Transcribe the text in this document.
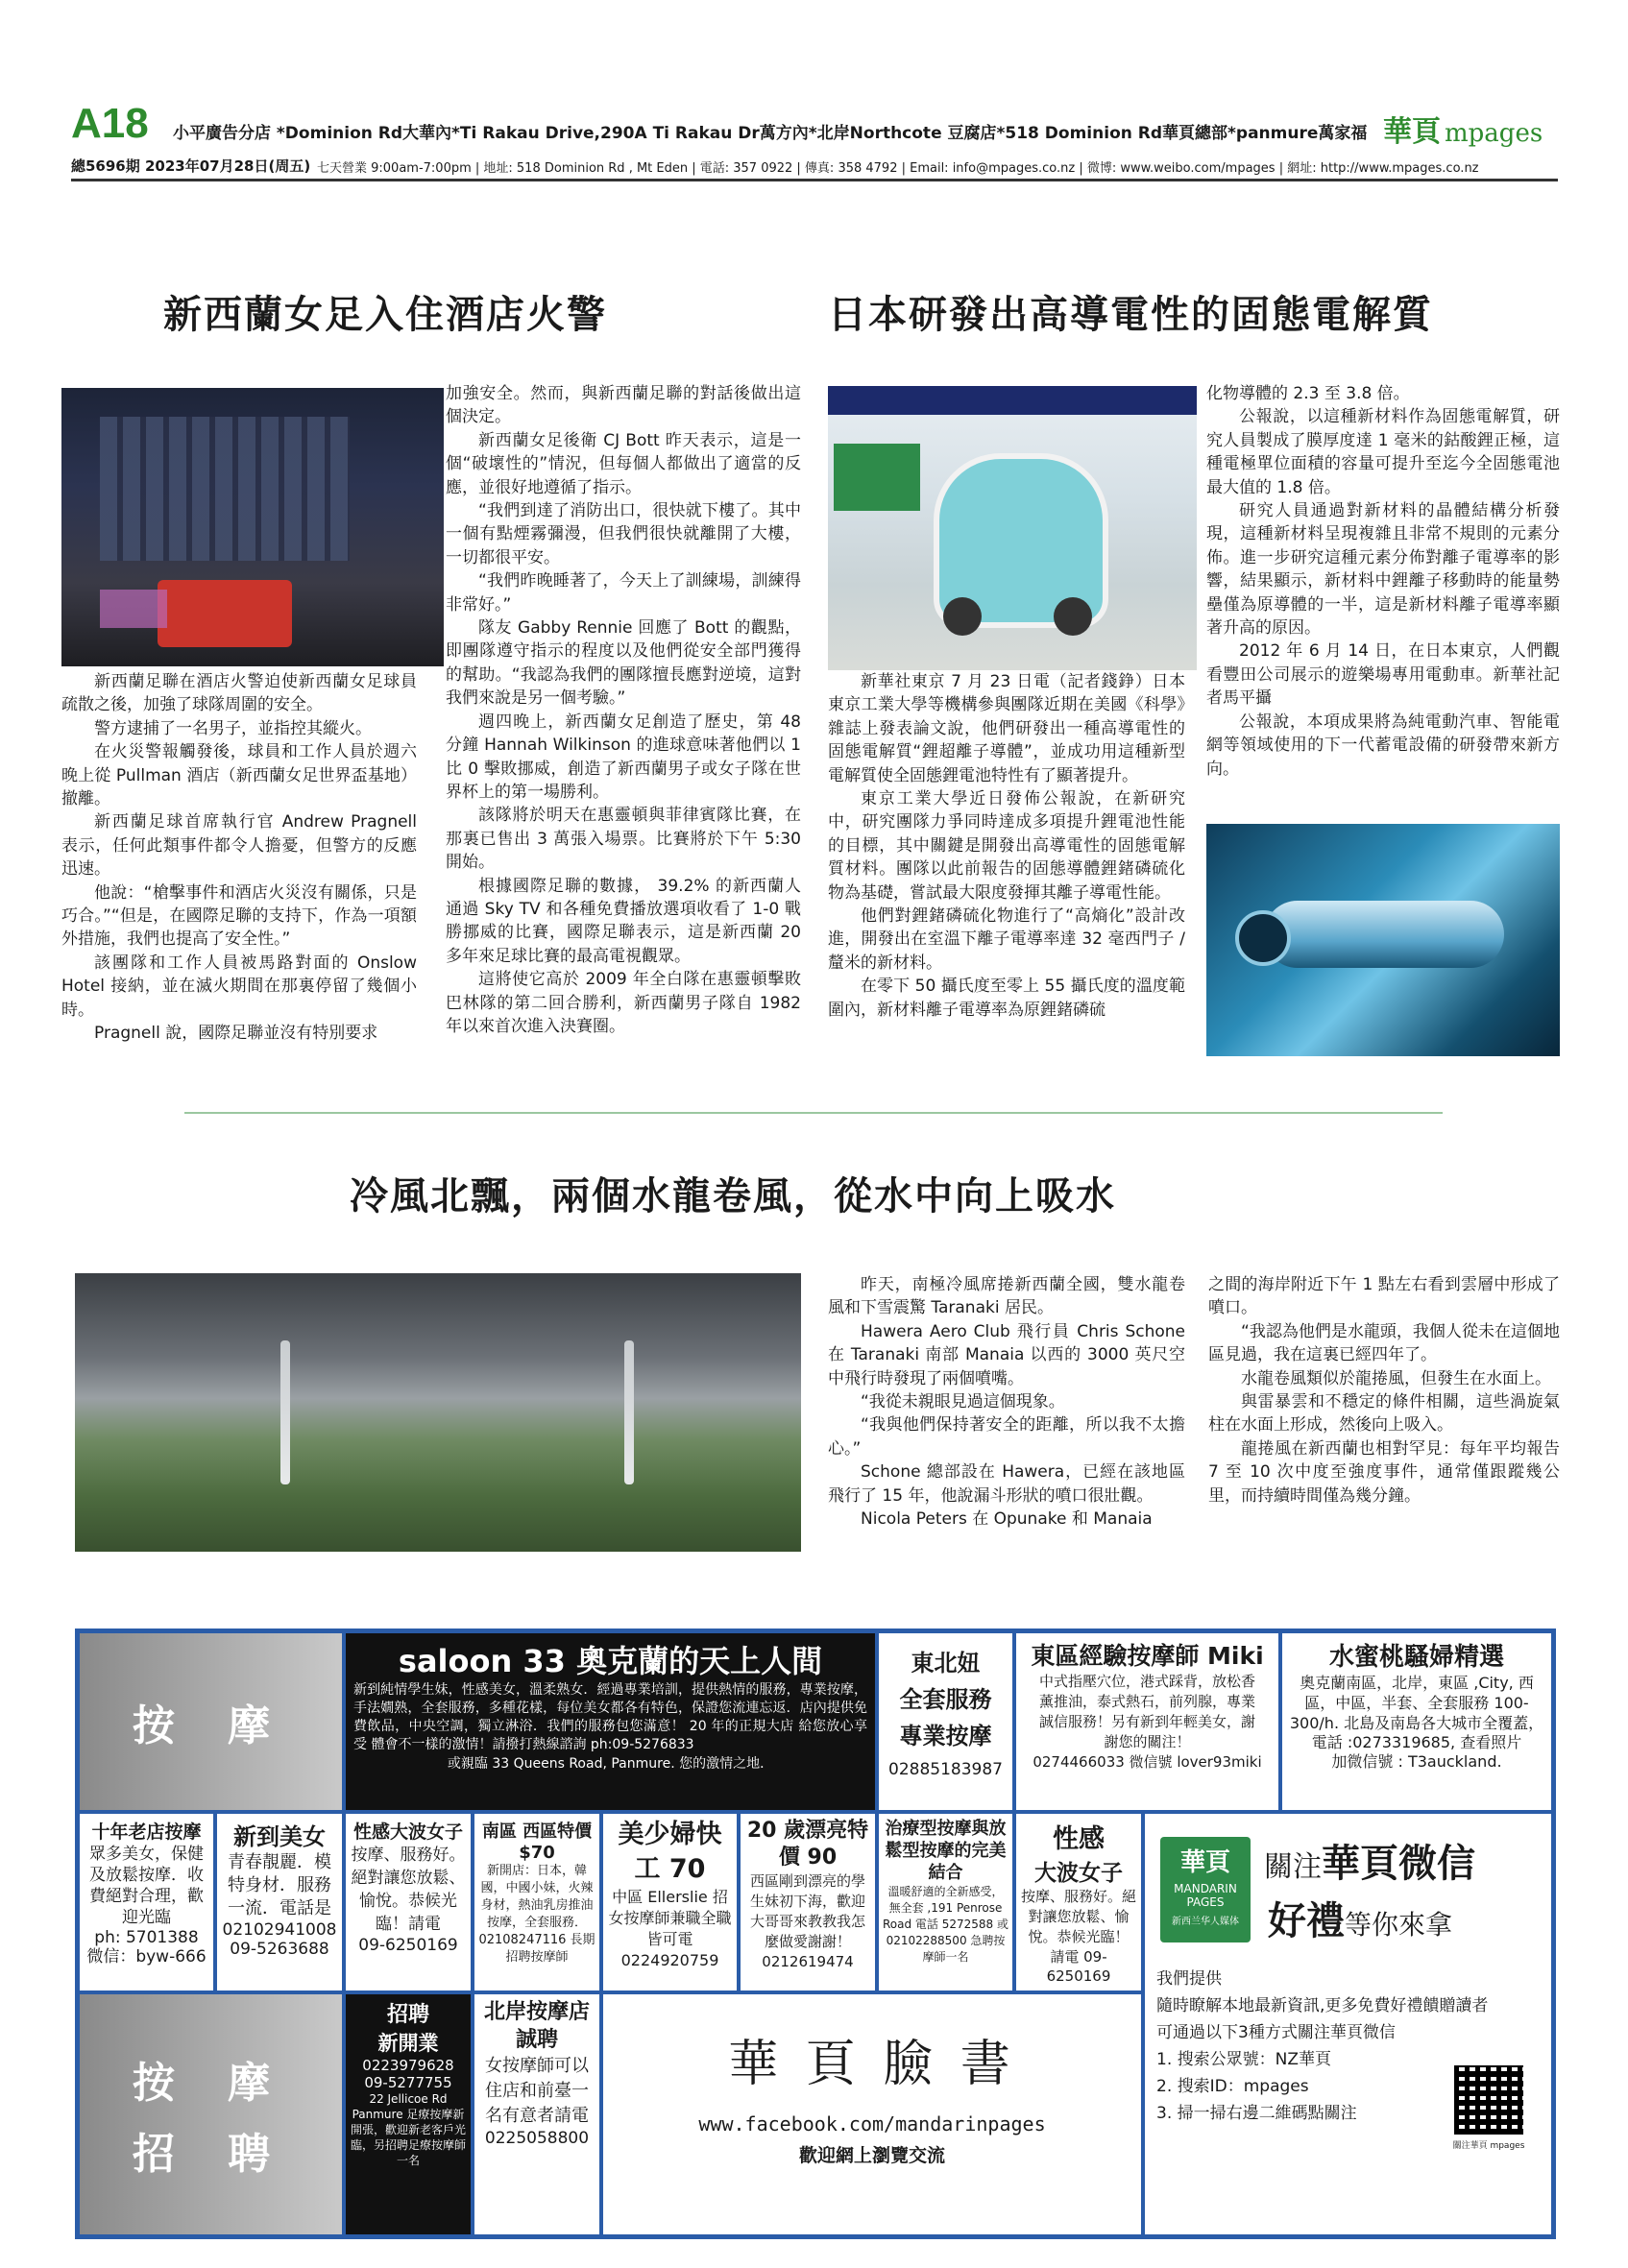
A18 小平廣告分店 *Dominion Rd大華內*Ti Rakau Drive,290A Ti Rakau Dr萬方內*北岸Northcote 豆腐店*518 Dominion Rd華頁總部*panmure萬家福
總5696期 2023年07月28日(周五) 七天營業 9:00am-7:00pm | 地址: 518 Dominion Rd , Mt Eden | 電話: 357 0922 | 傳真: 358 4792 | Email: info@mpages.co.nz | 微博: www.weibo.com/mpages | 網址: http://www.mpages.co.nz
華頁 mpages
新西蘭女足入住酒店火警

新西蘭足聯在酒店火警迫使新西蘭女足球員疏散之後，加強了球隊周圍的安全。

警方逮捕了一名男子，並指控其縱火。

在火災警報觸發後，球員和工作人員於週六晚上從 Pullman 酒店（新西蘭女足世界盃基地）撤離。

新西蘭足球首席執行官 Andrew Pragnell 表示，任何此類事件都令人擔憂，但警方的反應迅速。

他說：“槍擊事件和酒店火災沒有關係，只是巧合。”“但是，在國際足聯的支持下，作為一項額外措施，我們也提高了安全性。”

該團隊和工作人員被馬路對面的 Onslow Hotel 接納，並在滅火期間在那裏停留了幾個小時。

Pragnell 說，國際足聯並沒有特別要求

加強安全。然而，與新西蘭足聯的對話後做出這個決定。

新西蘭女足後衛 CJ Bott 昨天表示，這是一個“破壞性的”情況，但每個人都做出了適當的反應，並很好地遵循了指示。

“我們到達了消防出口，很快就下樓了。其中一個有點煙霧彌漫，但我們很快就離開了大樓，一切都很平安。

“我們昨晚睡著了，今天上了訓練場，訓練得非常好。”

隊友 Gabby Rennie 回應了 Bott 的觀點，即團隊遵守指示的程度以及他們從安全部門獲得的幫助。“我認為我們的團隊擅長應對逆境，這對我們來說是另一個考驗。”

週四晚上，新西蘭女足創造了歷史，第 48 分鐘 Hannah Wilkinson 的進球意味著他們以 1 比 0 擊敗挪威，創造了新西蘭男子或女子隊在世界杯上的第一場勝利。

該隊將於明天在惠靈頓與菲律賓隊比賽，在那裏已售出 3 萬張入場票。比賽將於下午 5:30 開始。

根據國際足聯的數據， 39.2% 的新西蘭人通過 Sky TV 和各種免費播放選項收看了 1-0 戰勝挪威的比賽，國際足聯表示，這是新西蘭 20 多年來足球比賽的最高電視觀眾。

這將使它高於 2009 年全白隊在惠靈頓擊敗巴林隊的第二回合勝利，新西蘭男子隊自 1982 年以來首次進入決賽圈。

日本研發出高導電性的固態電解質

新華社東京 7 月 23 日電（記者錢錚）日本東京工業大學等機構參與團隊近期在美國《科學》雜誌上發表論文說，他們研發出一種高導電性的固態電解質“鋰超離子導體”，並成功用這種新型電解質使全固態鋰電池特性有了顯著提升。

東京工業大學近日發佈公報說，在新研究中，研究團隊力爭同時達成多項提升鋰電池性能的目標，其中關鍵是開發出高導電性的固態電解質材料。團隊以此前報告的固態導體鋰鍺磷硫化物為基礎，嘗試最大限度發揮其離子導電性能。

他們對鋰鍺磷硫化物進行了“高熵化”設計改進，開發出在室溫下離子電導率達 32 毫西門子 / 釐米的新材料。

在零下 50 攝氏度至零上 55 攝氏度的溫度範圍內，新材料離子電導率為原鋰鍺磷硫

化物導體的 2.3 至 3.8 倍。

公報說，以這種新材料作為固態電解質，研究人員製成了膜厚度達 1 毫米的鈷酸鋰正極，這種電極單位面積的容量可提升至迄今全固態電池最大值的 1.8 倍。

研究人員通過對新材料的晶體結構分析發現，這種新材料呈現複雜且非常不規則的元素分佈。進一步研究這種元素分佈對離子電導率的影響，結果顯示，新材料中鋰離子移動時的能量勢壘僅為原導體的一半，這是新材料離子電導率顯著升高的原因。

2012 年 6 月 14 日，在日本東京，人們觀看豐田公司展示的遊樂場專用電動車。新華社記者馬平攝

公報說，本項成果將為純電動汽車、智能電網等領域使用的下一代蓄電設備的研發帶來新方向。

冷風北飄，兩個水龍卷風，從水中向上吸水

昨天，南極冷風席捲新西蘭全國，雙水龍卷風和下雪震驚 Taranaki 居民。

Hawera Aero Club 飛行員 Chris Schone 在 Taranaki 南部 Manaia 以西的 3000 英尺空中飛行時發現了兩個噴嘴。

“我從未親眼見過這個現象。

“我與他們保持著安全的距離，所以我不太擔心。”

Schone 總部設在 Hawera，已經在該地區飛行了 15 年，他說漏斗形狀的噴口很壯觀。

Nicola Peters 在 Opunake 和 Manaia

之間的海岸附近下午 1 點左右看到雲層中形成了噴口。

“我認為他們是水龍頭，我個人從未在這個地區見過，我在這裏已經四年了。

水龍卷風類似於龍捲風，但發生在水面上。

與雷暴雲和不穩定的條件相關，這些渦旋氣柱在水面上形成，然後向上吸入。

龍捲風在新西蘭也相對罕見：每年平均報告 7 至 10 次中度至強度事件，通常僅跟蹤幾公里，而持續時間僅為幾分鐘。

按 摩
saloon 33 奧克蘭的天上人間
新到純情學生妹，性感美女，溫柔熟女．經過專業培訓，提供熱情的服務，專業按摩，手法嫺熟，全套服務，多種花樣，每位美女都各有特色，保證您流連忘返．店內提供免費飲品，中央空調，獨立淋浴．我們的服務包您滿意！ 20 年的正規大店 給您放心享受 體會不一樣的激情！請撥打熱線諮詢 ph:09-5276833
或親臨 33 Queens Road, Panmure. 您的激情之地．
東北妞
全套服務
專業按摩
02885183987
東區經驗按摩師 Miki
中式指壓穴位，港式踩背，放松香薰推油，泰式熱石，前列腺，專業誠信服務！另有新到年輕美女，謝謝您的關注！
0274466033 微信號 lover93miki
水蜜桃騷婦精選
奧克蘭南區，北岸，東區 ,City, 西區，中區，半套、全套服務 100-300/h. 北島及南島各大城市全覆蓋，
電話 :0273319685, 查看照片
加微信號 : T3auckland.
十年老店按摩
眾多美女，保健及放鬆按摩．收費絕對合理，歡迎光臨
ph: 5701388
微信：byw-666
新到美女
青春靚麗．模特身材．服務一流．電話是
02102941008
09-5263688
性感大波女子
按摩、服務好。絕對讓您放鬆、愉悅。恭候光臨！請電
09-6250169
南區 西區特價 $70
新開店：日本，韓國，中國小妹，火辣身材，熱油乳房推油按摩，全套服務．02108247116 長期招聘按摩師
美少婦快工 70
中區 Ellerslie 招女按摩師兼職全職皆可電 0224920759
20 歲漂亮特價 90
西區剛到漂亮的學生妹初下海，歡迎大哥哥來教教我怎麼做愛謝謝！
0212619474
治療型按摩與放鬆型按摩的完美結合
溫暖舒適的全新感受，無全套 ,191 Penrose Road 電話 5272588 或 02102288500 急聘按摩師一名
性感
大波女子
按摩、服務好。絕對讓您放鬆、愉悅。恭候光臨！
請電 09-6250169
華頁
MANDARIN PAGES
新西兰华人媒体
關注華頁微信
好禮等你來拿
我們提供
隨時瞭解本地最新資訊,更多免費好禮饋贈讀者
可通過以下3種方式關注華頁微信
1. 搜索公眾號：NZ華頁
2. 搜索ID：mpages
3. 掃一掃右邊二維碼點關注
關注華頁 mpages
按 摩
招 聘
招聘
新開業
0223979628
09-5277755
22 Jellicoe Rd Panmure 足療按摩新開張，歡迎新老客戶光臨，另招聘足療按摩師一名
北岸按摩店誠聘
女按摩師可以住店和前臺一名有意者請電
0225058800
華 頁 臉 書
www.facebook.com/mandarinpages
歡迎網上瀏覽交流
